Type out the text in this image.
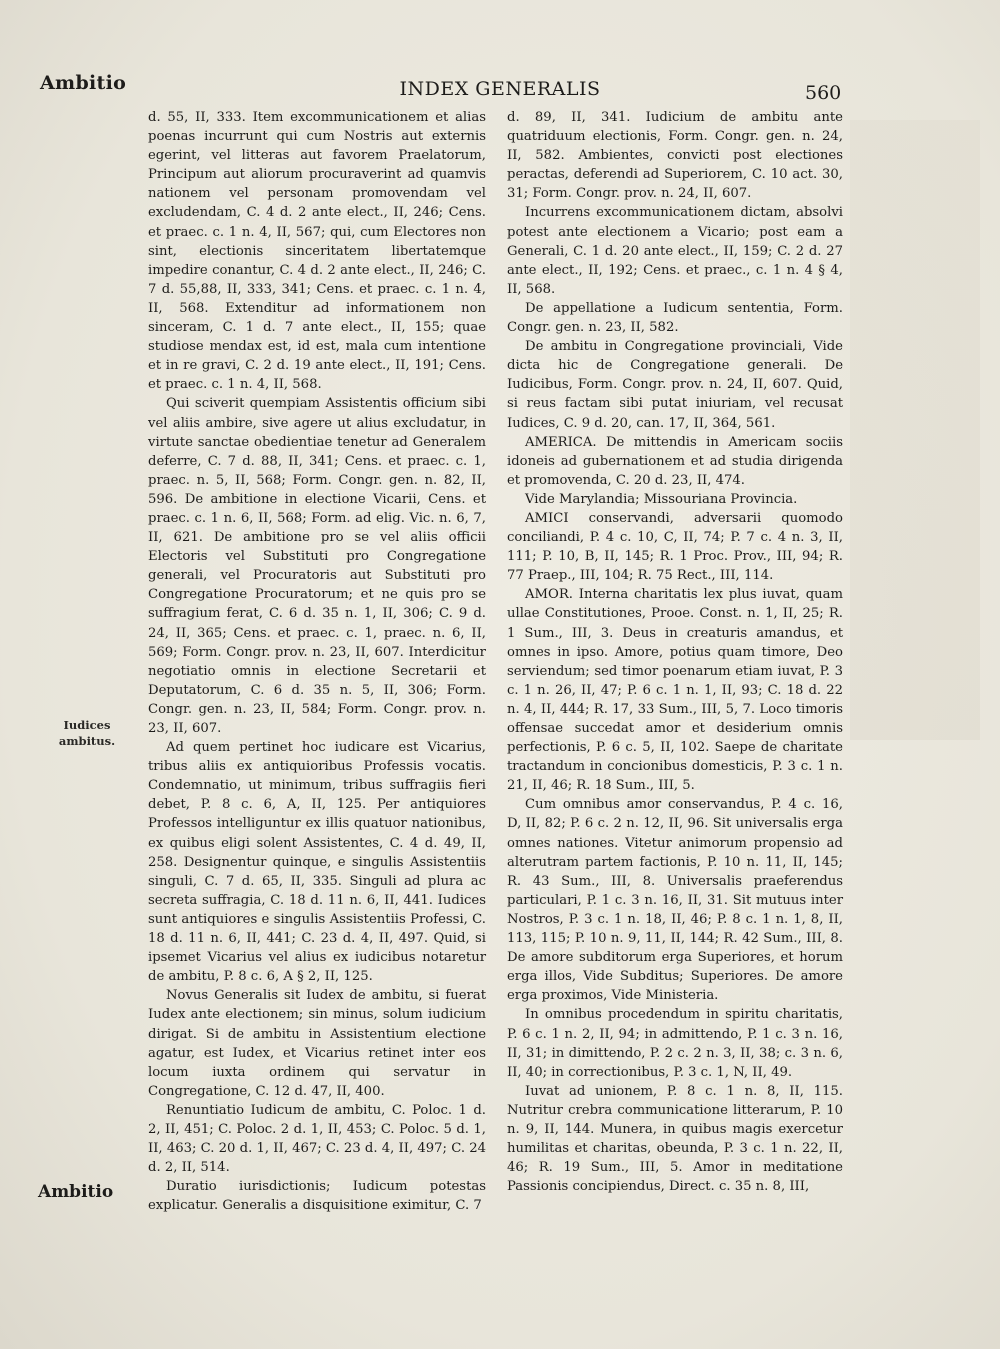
Ambitio	INDEX GENERALIS	560
Iudices
ambitus.

d. 55, II, 333. Item excommunicationem et alias poenas incurrunt qui cum Nostris aut externis egerint, vel litteras aut favorem Praelatorum, Principum aut aliorum procuraverint ad quamvis nationem vel personam promovendam vel excludendam, C. 4 d. 2 ante elect., II, 246; Cens. et praec. c. 1 n. 4, II, 567; qui, cum Electores non sint, electionis sinceritatem libertatemque impedire conantur, C. 4 d. 2 ante elect., II, 246; C. 7 d. 55,88, II, 333, 341; Cens. et praec. c. 1 n. 4, II, 568. Extenditur ad informationem non sinceram, C. 1 d. 7 ante elect., II, 155; quae studiose mendax est, id est, mala cum intentione et in re gravi, C. 2 d. 19 ante elect., II, 191; Cens. et praec. c. 1 n. 4, II, 568.

Qui sciverit quempiam Assistentis officium sibi vel aliis ambire, sive agere ut alius excludatur, in virtute sanctae obedientiae tenetur ad Generalem deferre, C. 7 d. 88, II, 341; Cens. et praec. c. 1, praec. n. 5, II, 568; Form. Congr. gen. n. 82, II, 596. De ambitione in electione Vicarii, Cens. et praec. c. 1 n. 6, II, 568; Form. ad elig. Vic. n. 6, 7, II, 621. De ambitione pro se vel aliis officii Electoris vel Substituti pro Congregatione generali, vel Procuratoris aut Substituti pro Congregatione Procuratorum; et ne quis pro se suffragium ferat, C. 6 d. 35 n. 1, II, 306; C. 9 d. 24, II, 365; Cens. et praec. c. 1, praec. n. 6, II, 569; Form. Congr. prov. n. 23, II, 607. Interdicitur negotiatio omnis in electione Secretarii et Deputatorum, C. 6 d. 35 n. 5, II, 306; Form. Congr. gen. n. 23, II, 584; Form. Congr. prov. n. 23, II, 607.

Ad quem pertinet hoc iudicare est Vicarius, tribus aliis ex antiquioribus Professis vocatis. Condemnatio, ut minimum, tribus suffragiis fieri debet, P. 8 c. 6, A, II, 125. Per antiquiores Professos intelliguntur ex illis quatuor nationibus, ex quibus eligi solent Assistentes, C. 4 d. 49, II, 258. Designentur quinque, e singulis Assistentiis singuli, C. 7 d. 65, II, 335. Singuli ad plura ac secreta suffragia, C. 18 d. 11 n. 6, II, 441. Iudices sunt antiquiores e singulis Assistentiis Professi, C. 18 d. 11 n. 6, II, 441; C. 23 d. 4, II, 497. Quid, si ipsemet Vicarius vel alius ex iudicibus notaretur de ambitu, P. 8 c. 6, A § 2, II, 125.

Novus Generalis sit Iudex de ambitu, si fuerat Iudex ante electionem; sin minus, solum iudicium dirigat. Si de ambitu in Assistentium electione agatur, est Iudex, et Vicarius retinet inter eos locum iuxta ordinem qui servatur in Congregatione, C. 12 d. 47, II, 400.

Renuntiatio Iudicum de ambitu, C. Poloc. 1 d. 2, II, 451; C. Poloc. 2 d. 1, II, 453; C. Poloc. 5 d. 1, II, 463; C. 20 d. 1, II, 467; C. 23 d. 4, II, 497; C. 24 d. 2, II, 514.

Duratio iurisdictionis; Iudicum potestas explicatur. Generalis a disquisitione eximitur, C. 7

d. 89, II, 341. Iudicium de ambitu ante quatriduum electionis, Form. Congr. gen. n. 24, II, 582. Ambientes, convicti post electiones peractas, deferendi ad Superiorem, C. 10 act. 30, 31; Form. Congr. prov. n. 24, II, 607.

Incurrens excommunicationem dictam, absolvi potest ante electionem a Vicario; post eam a Generali, C. 1 d. 20 ante elect., II, 159; C. 2 d. 27 ante elect., II, 192; Cens. et praec., c. 1 n. 4 § 4, II, 568.

De appellatione a Iudicum sententia, Form. Congr. gen. n. 23, II, 582.

De ambitu in Congregatione provinciali, Vide dicta hic de Congregatione generali. De Iudicibus, Form. Congr. prov. n. 24, II, 607. Quid, si reus factam sibi putat iniuriam, vel recusat Iudices, C. 9 d. 20, can. 17, II, 364, 561.

AMERICA. De mittendis in Americam sociis idoneis ad gubernationem et ad studia dirigenda et promovenda, C. 20 d. 23, II, 474.

Vide Marylandia; Missouriana Provincia.

AMICI conservandi, adversarii quomodo conciliandi, P. 4 c. 10, C, II, 74; P. 7 c. 4 n. 3, II, 111; P. 10, B, II, 145; R. 1 Proc. Prov., III, 94; R. 77 Praep., III, 104; R. 75 Rect., III, 114.

AMOR. Interna charitatis lex plus iuvat, quam ullae Constitutiones, Prooe. Const. n. 1, II, 25; R. 1 Sum., III, 3. Deus in creaturis amandus, et omnes in ipso. Amore, potius quam timore, Deo serviendum; sed timor poenarum etiam iuvat, P. 3 c. 1 n. 26, II, 47; P. 6 c. 1 n. 1, II, 93; C. 18 d. 22 n. 4, II, 444; R. 17, 33 Sum., III, 5, 7. Loco timoris offensae succedat amor et desiderium omnis perfectionis, P. 6 c. 5, II, 102. Saepe de charitate tractandum in concionibus domesticis, P. 3 c. 1 n. 21, II, 46; R. 18 Sum., III, 5.

Cum omnibus amor conservandus, P. 4 c. 16, D, II, 82; P. 6 c. 2 n. 12, II, 96. Sit universalis erga omnes nationes. Vitetur animorum propensio ad alterutram partem factionis, P. 10 n. 11, II, 145; R. 43 Sum., III, 8. Universalis praeferendus particulari, P. 1 c. 3 n. 16, II, 31. Sit mutuus inter Nostros, P. 3 c. 1 n. 18, II, 46; P. 8 c. 1 n. 1, 8, II, 113, 115; P. 10 n. 9, 11, II, 144; R. 42 Sum., III, 8. De amore subditorum erga Superiores, et horum erga illos, Vide Subditus; Superiores. De amore erga proximos, Vide Ministeria.

In omnibus procedendum in spiritu charitatis, P. 6 c. 1 n. 2, II, 94; in admittendo, P. 1 c. 3 n. 16, II, 31; in dimittendo, P. 2 c. 2 n. 3, II, 38; c. 3 n. 6, II, 40; in correctionibus, P. 3 c. 1, N, II, 49.

Iuvat ad unionem, P. 8 c. 1 n. 8, II, 115. Nutritur crebra communicatione litterarum, P. 10 n. 9, II, 144. Munera, in quibus magis exercetur humilitas et charitas, obeunda, P. 3 c. 1 n. 22, II, 46; R. 19 Sum., III, 5. Amor in meditatione Passionis concipiendus, Direct. c. 35 n. 8, III,

Ambitio
